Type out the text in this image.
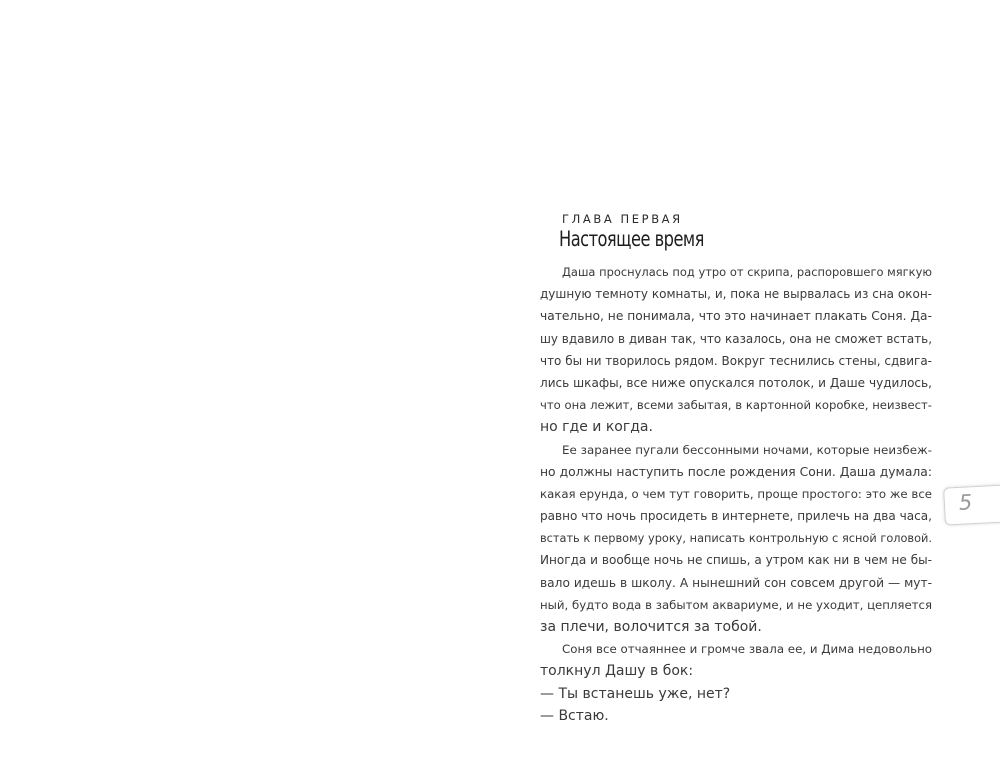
ГЛАВА ПЕРВАЯ
Настоящее время
Даша проснулась под утро от скрипа, распоровшего мягкую
душную темноту комнаты, и, пока не вырвалась из сна окон-
чательно, не понимала, что это начинает плакать Соня. Да-
шу вдавило в диван так, что казалось, она не сможет встать,
что бы ни творилось рядом. Вокруг теснились стены, сдвига-
лись шкафы, все ниже опускался потолок, и Даше чудилось,
что она лежит, всеми забытая, в картонной коробке, неизвест-
но где и когда.
Ее заранее пугали бессонными ночами, которые неизбеж-
но должны наступить после рождения Сони. Даша думала:
какая ерунда, о чем тут говорить, проще простого: это же все
равно что ночь просидеть в интернете, прилечь на два часа,
встать к первому уроку, написать контрольную с ясной головой.
Иногда и вообще ночь не спишь, а утром как ни в чем не бы-
вало идешь в школу. А нынешний сон совсем другой — мут-
ный, будто вода в забытом аквариуме, и не уходит, цепляется
за плечи, волочится за тобой.
Соня все отчаяннее и громче звала ее, и Дима недовольно
толкнул Дашу в бок:
— Ты встанешь уже, нет?
— Встаю.
5
